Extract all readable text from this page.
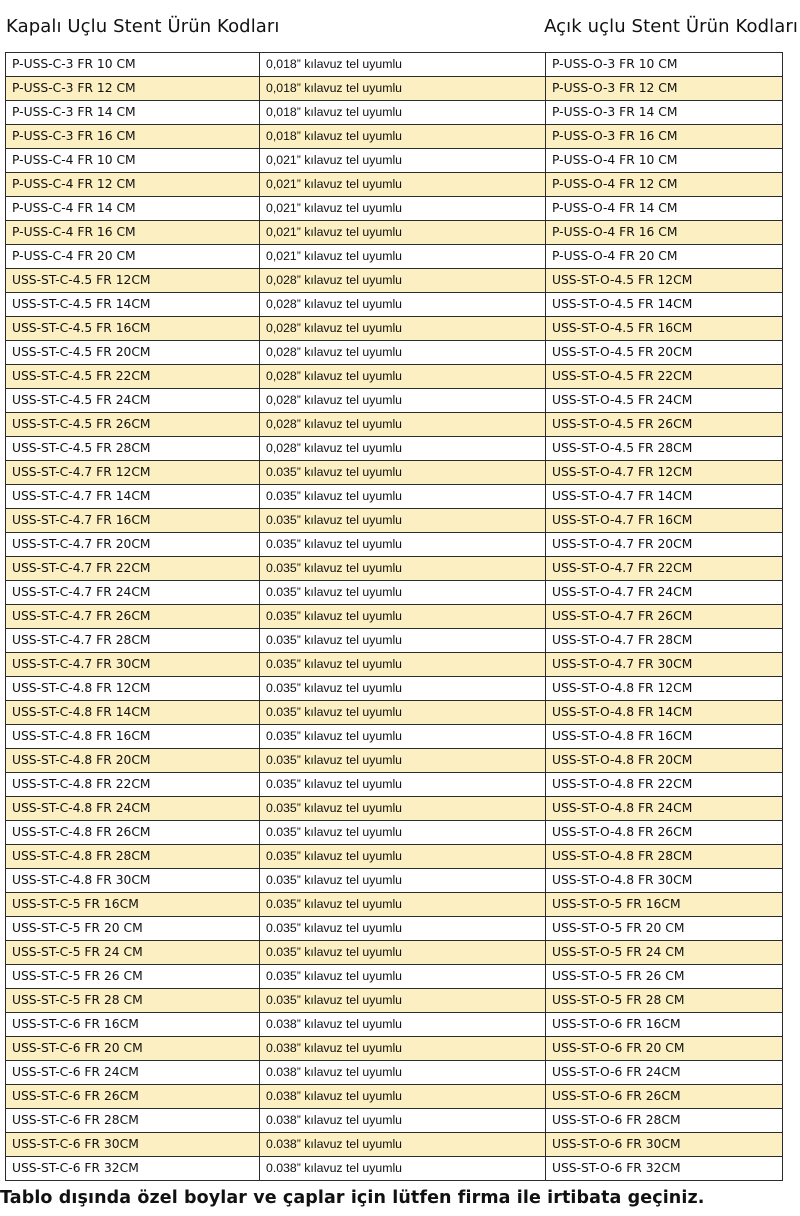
Kapalı Uçlu Stent Ürün Kodları	Açık uçlu Stent Ürün Kodları
P-USS-C-3 FR 10 CM	0,018” kılavuz tel uyumlu	P-USS-O-3 FR 10 CM
P-USS-C-3 FR 12 CM	0,018” kılavuz tel uyumlu	P-USS-O-3 FR 12 CM
P-USS-C-3 FR 14 CM	0,018” kılavuz tel uyumlu	P-USS-O-3 FR 14 CM
P-USS-C-3 FR 16 CM	0,018” kılavuz tel uyumlu	P-USS-O-3 FR 16 CM
P-USS-C-4 FR 10 CM	0,021” kılavuz tel uyumlu	P-USS-O-4 FR 10 CM
P-USS-C-4 FR 12 CM	0,021” kılavuz tel uyumlu	P-USS-O-4 FR 12 CM
P-USS-C-4 FR 14 CM	0,021” kılavuz tel uyumlu	P-USS-O-4 FR 14 CM
P-USS-C-4 FR 16 CM	0,021” kılavuz tel uyumlu	P-USS-O-4 FR 16 CM
P-USS-C-4 FR 20 CM	0,021” kılavuz tel uyumlu	P-USS-O-4 FR 20 CM
USS-ST-C-4.5 FR 12CM	0,028” kılavuz tel uyumlu	USS-ST-O-4.5 FR 12CM
USS-ST-C-4.5 FR 14CM	0,028” kılavuz tel uyumlu	USS-ST-O-4.5 FR 14CM
USS-ST-C-4.5 FR 16CM	0,028” kılavuz tel uyumlu	USS-ST-O-4.5 FR 16CM
USS-ST-C-4.5 FR 20CM	0,028” kılavuz tel uyumlu	USS-ST-O-4.5 FR 20CM
USS-ST-C-4.5 FR 22CM	0,028” kılavuz tel uyumlu	USS-ST-O-4.5 FR 22CM
USS-ST-C-4.5 FR 24CM	0,028” kılavuz tel uyumlu	USS-ST-O-4.5 FR 24CM
USS-ST-C-4.5 FR 26CM	0,028” kılavuz tel uyumlu	USS-ST-O-4.5 FR 26CM
USS-ST-C-4.5 FR 28CM	0,028” kılavuz tel uyumlu	USS-ST-O-4.5 FR 28CM
USS-ST-C-4.7 FR 12CM	0.035” kılavuz tel uyumlu	USS-ST-O-4.7 FR 12CM
USS-ST-C-4.7 FR 14CM	0.035” kılavuz tel uyumlu	USS-ST-O-4.7 FR 14CM
USS-ST-C-4.7 FR 16CM	0.035” kılavuz tel uyumlu	USS-ST-O-4.7 FR 16CM
USS-ST-C-4.7 FR 20CM	0.035” kılavuz tel uyumlu	USS-ST-O-4.7 FR 20CM
USS-ST-C-4.7 FR 22CM	0.035” kılavuz tel uyumlu	USS-ST-O-4.7 FR 22CM
USS-ST-C-4.7 FR 24CM	0.035” kılavuz tel uyumlu	USS-ST-O-4.7 FR 24CM
USS-ST-C-4.7 FR 26CM	0.035” kılavuz tel uyumlu	USS-ST-O-4.7 FR 26CM
USS-ST-C-4.7 FR 28CM	0.035” kılavuz tel uyumlu	USS-ST-O-4.7 FR 28CM
USS-ST-C-4.7 FR 30CM	0.035” kılavuz tel uyumlu	USS-ST-O-4.7 FR 30CM
USS-ST-C-4.8 FR 12CM	0.035” kılavuz tel uyumlu	USS-ST-O-4.8 FR 12CM
USS-ST-C-4.8 FR 14CM	0.035” kılavuz tel uyumlu	USS-ST-O-4.8 FR 14CM
USS-ST-C-4.8 FR 16CM	0.035” kılavuz tel uyumlu	USS-ST-O-4.8 FR 16CM
USS-ST-C-4.8 FR 20CM	0.035” kılavuz tel uyumlu	USS-ST-O-4.8 FR 20CM
USS-ST-C-4.8 FR 22CM	0.035” kılavuz tel uyumlu	USS-ST-O-4.8 FR 22CM
USS-ST-C-4.8 FR 24CM	0.035” kılavuz tel uyumlu	USS-ST-O-4.8 FR 24CM
USS-ST-C-4.8 FR 26CM	0.035” kılavuz tel uyumlu	USS-ST-O-4.8 FR 26CM
USS-ST-C-4.8 FR 28CM	0.035” kılavuz tel uyumlu	USS-ST-O-4.8 FR 28CM
USS-ST-C-4.8 FR 30CM	0.035” kılavuz tel uyumlu	USS-ST-O-4.8 FR 30CM
USS-ST-C-5 FR 16CM	0.035” kılavuz tel uyumlu	USS-ST-O-5 FR 16CM
USS-ST-C-5 FR 20 CM	0.035” kılavuz tel uyumlu	USS-ST-O-5 FR 20 CM
USS-ST-C-5 FR 24 CM	0.035” kılavuz tel uyumlu	USS-ST-O-5 FR 24 CM
USS-ST-C-5 FR 26 CM	0.035” kılavuz tel uyumlu	USS-ST-O-5 FR 26 CM
USS-ST-C-5 FR 28 CM	0.035” kılavuz tel uyumlu	USS-ST-O-5 FR 28 CM
USS-ST-C-6 FR 16CM	0.038” kılavuz tel uyumlu	USS-ST-O-6 FR 16CM
USS-ST-C-6 FR 20 CM	0.038” kılavuz tel uyumlu	USS-ST-O-6 FR 20 CM
USS-ST-C-6 FR 24CM	0.038” kılavuz tel uyumlu	USS-ST-O-6 FR 24CM
USS-ST-C-6 FR 26CM	0.038” kılavuz tel uyumlu	USS-ST-O-6 FR 26CM
USS-ST-C-6 FR 28CM	0.038” kılavuz tel uyumlu	USS-ST-O-6 FR 28CM
USS-ST-C-6 FR 30CM	0.038” kılavuz tel uyumlu	USS-ST-O-6 FR 30CM
USS-ST-C-6 FR 32CM	0.038” kılavuz tel uyumlu	USS-ST-O-6 FR 32CM
Tablo dışında özel boylar ve çaplar için lütfen firma ile irtibata geçiniz.
